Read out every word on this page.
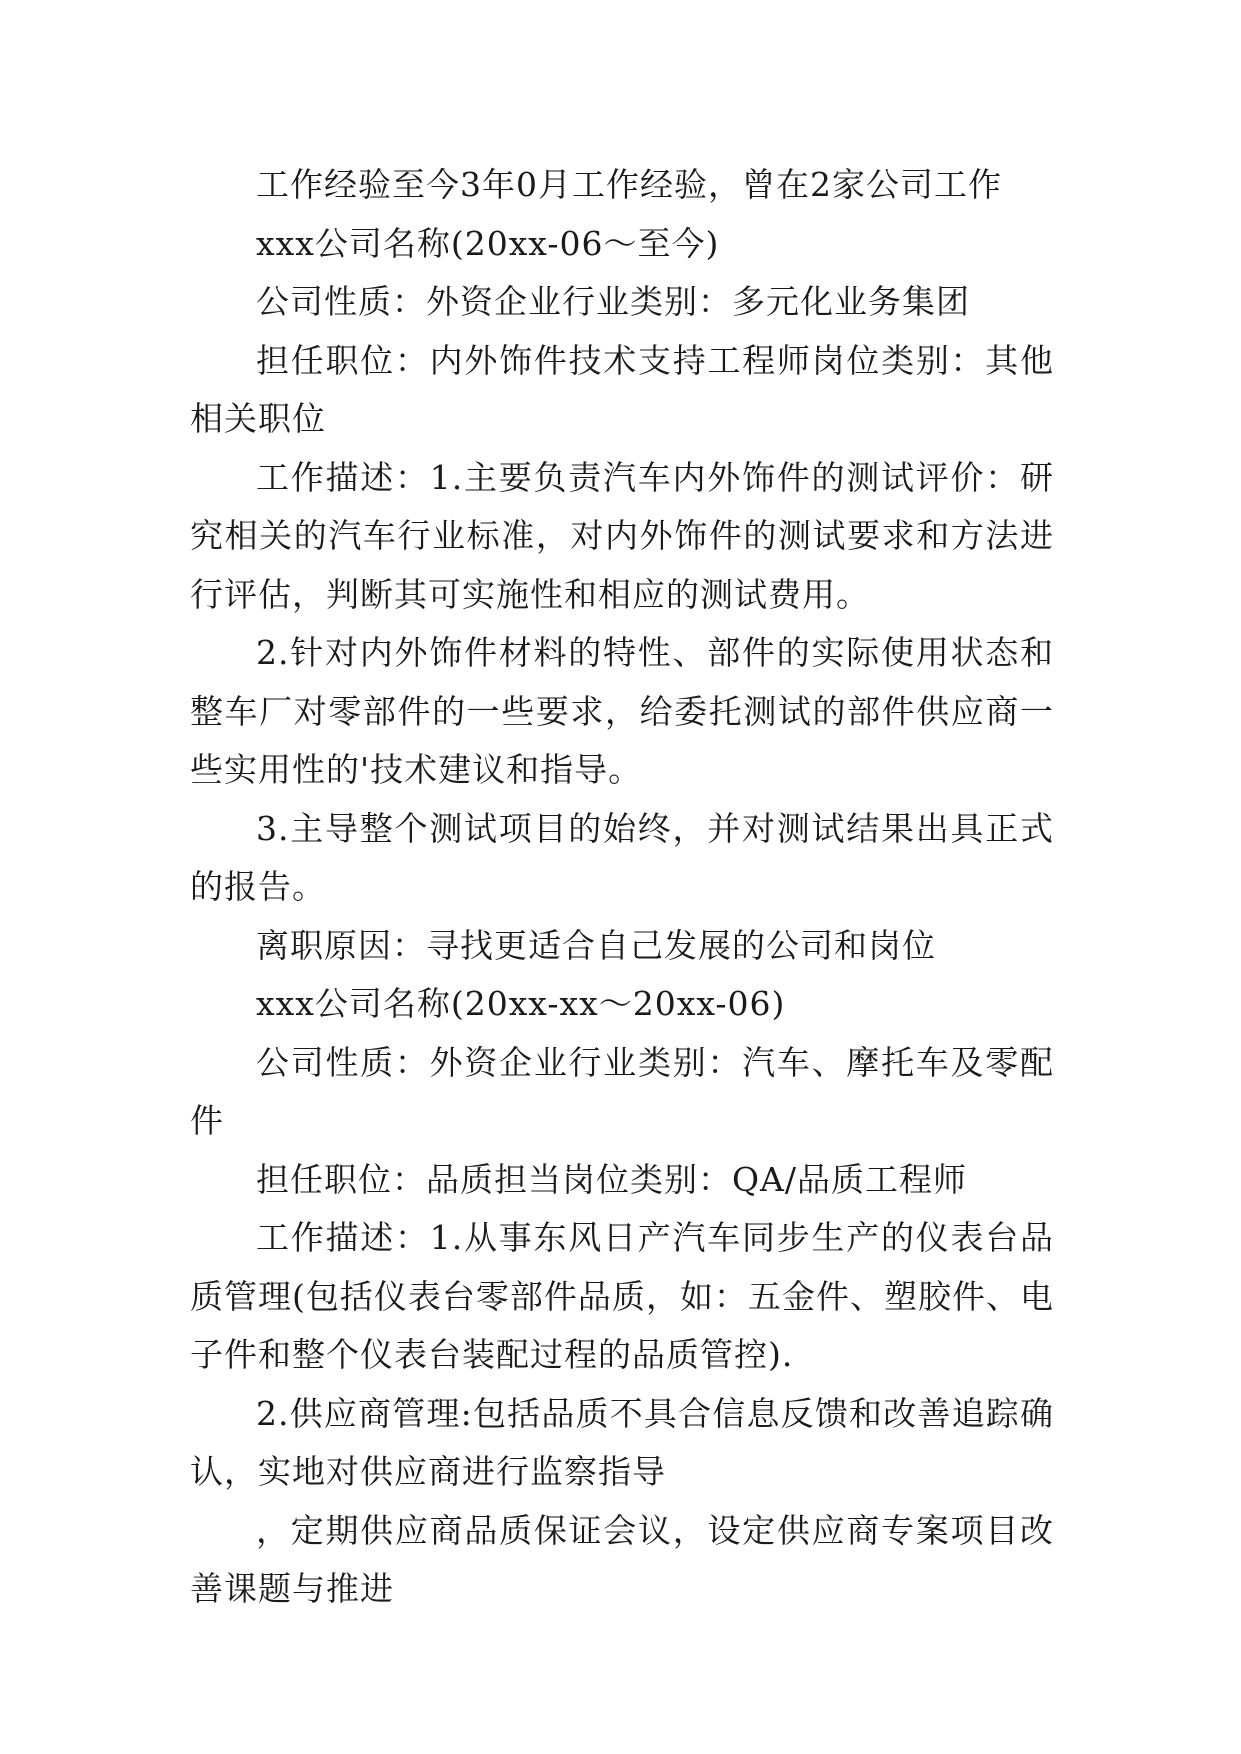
工作经验至今3年0月工作经验，曾在2家公司工作

xxx公司名称(20xx-06～至今)

公司性质：外资企业行业类别：多元化业务集团

担任职位：内外饰件技术支持工程师岗位类别：其他相关职位

工作描述：1.主要负责汽车内外饰件的测试评价：研究相关的汽车行业标准，对内外饰件的测试要求和方法进行评估，判断其可实施性和相应的测试费用。

2.针对内外饰件材料的特性、部件的实际使用状态和整车厂对零部件的一些要求，给委托测试的部件供应商一些实用性的'技术建议和指导。

3.主导整个测试项目的始终，并对测试结果出具正式的报告。

离职原因：寻找更适合自己发展的公司和岗位

xxx公司名称(20xx-xx～20xx-06)

公司性质：外资企业行业类别：汽车、摩托车及零配件

担任职位：品质担当岗位类别：QA/品质工程师

工作描述：1.从事东风日产汽车同步生产的仪表台品质管理(包括仪表台零部件品质，如：五金件、塑胶件、电子件和整个仪表台装配过程的品质管控).

2.供应商管理:包括品质不具合信息反馈和改善追踪确认，实地对供应商进行监察指导

，定期供应商品质保证会议，设定供应商专案项目改善课题与推进
